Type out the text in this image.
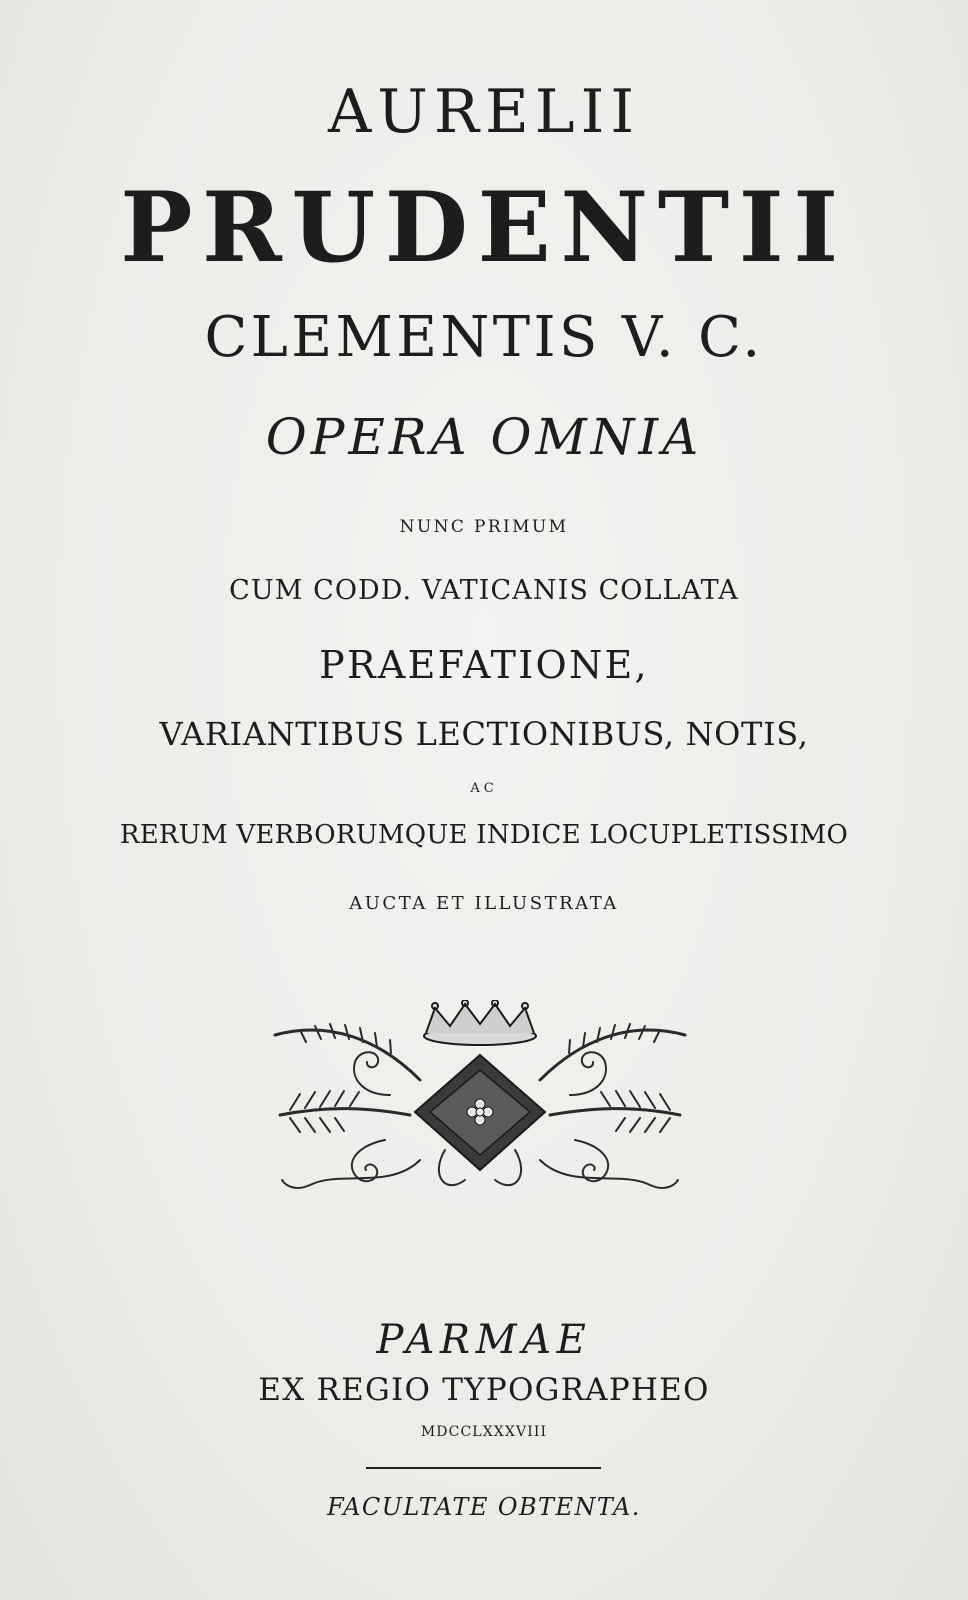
AURELII
PRUDENTII
CLEMENTIS V. C.
OPERA OMNIA
NUNC PRIMUM
CUM CODD. VATICANIS COLLATA
PRAEFATIONE,
VARIANTIBUS LECTIONIBUS, NOTIS,
AC
RERUM VERBORUMQUE INDICE LOCUPLETISSIMO
AUCTA ET ILLUSTRATA
PARMAE
EX REGIO TYPOGRAPHEO
MDCCLXXXVIII
FACULTATE OBTENTA.
